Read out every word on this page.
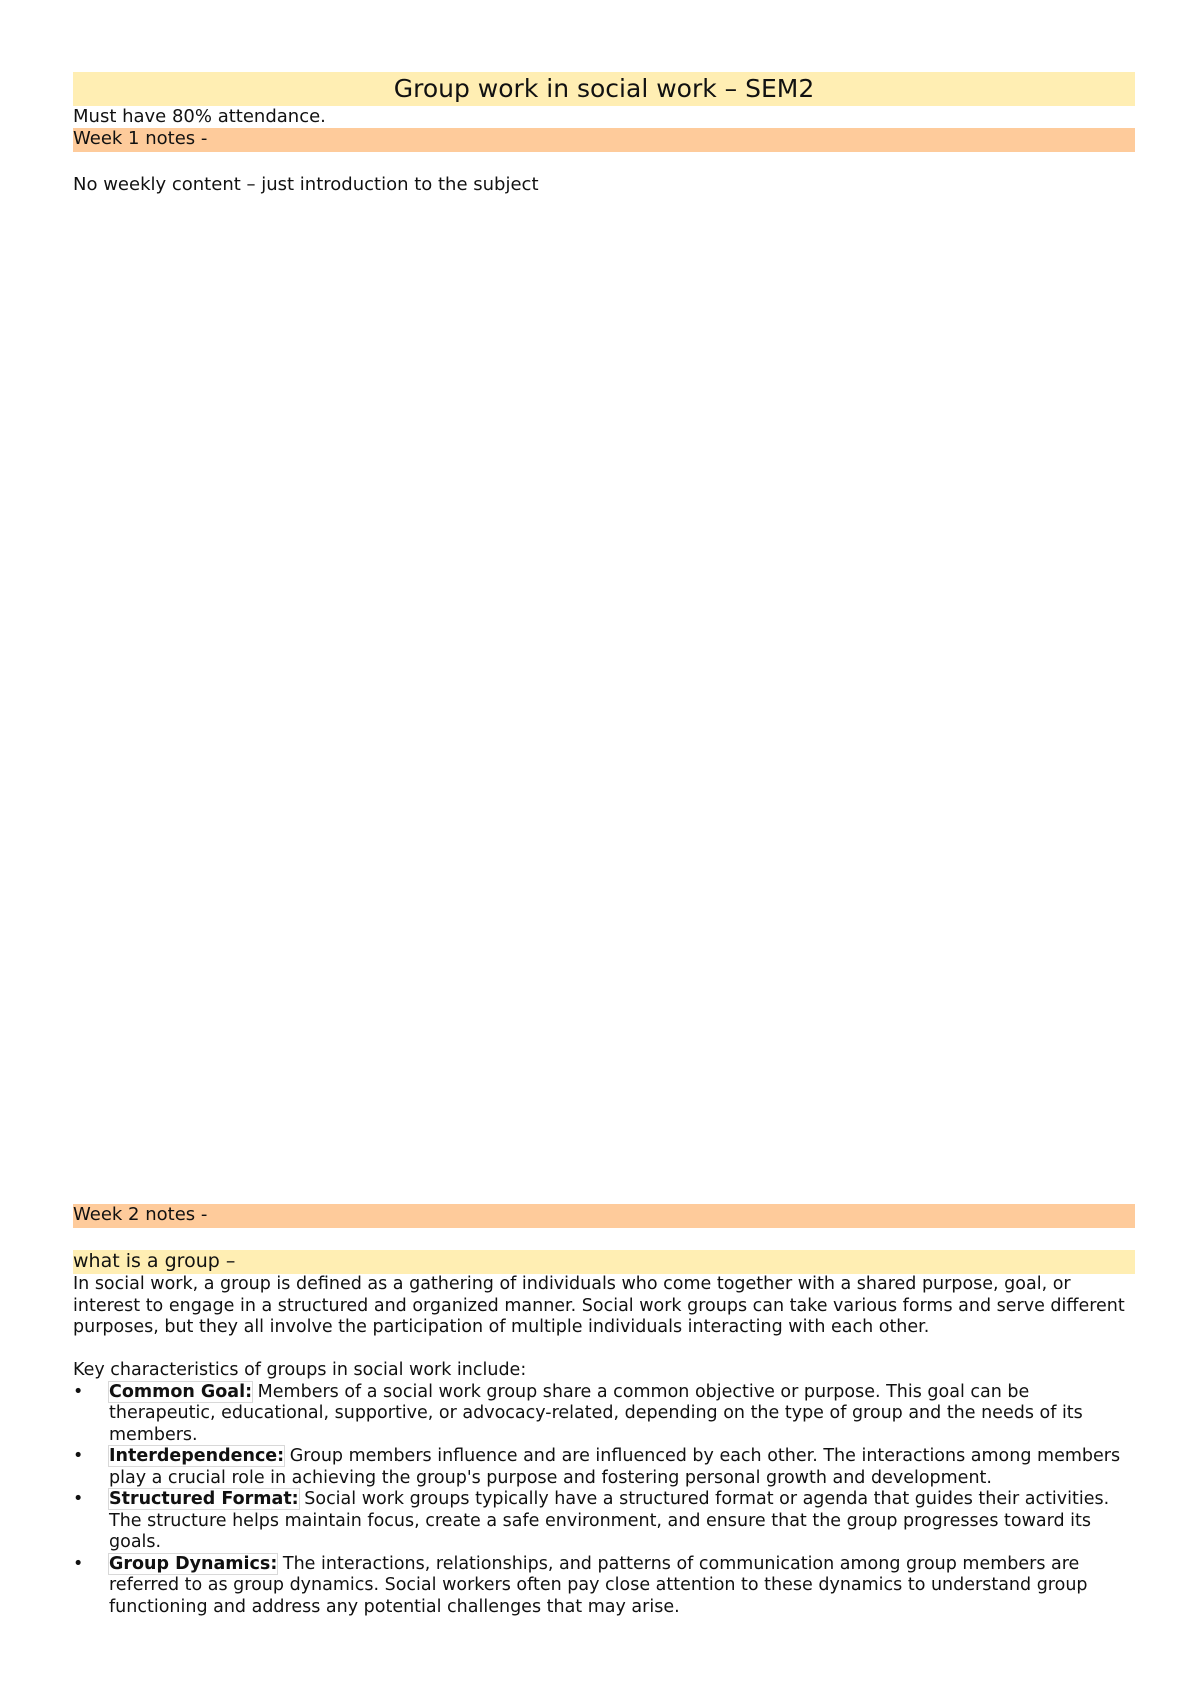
Group work in social work – SEM2
Must have 80% attendance.
Week 1 notes -
No weekly content – just introduction to the subject
Week 2 notes -
what is a group –

In social work, a group is defined as a gathering of individuals who come together with a shared purpose, goal, or interest to engage in a structured and organized manner. Social work groups can take various forms and serve different purposes, but they all involve the participation of multiple individuals interacting with each other.

Key characteristics of groups in social work include:

• Common Goal: Members of a social work group share a common objective or purpose. This goal can be therapeutic, educational, supportive, or advocacy-related, depending on the type of group and the needs of its members.
• Interdependence: Group members influence and are influenced by each other. The interactions among members play a crucial role in achieving the group's purpose and fostering personal growth and development.
• Structured Format: Social work groups typically have a structured format or agenda that guides their activities. The structure helps maintain focus, create a safe environment, and ensure that the group progresses toward its goals.
• Group Dynamics: The interactions, relationships, and patterns of communication among group members are referred to as group dynamics. Social workers often pay close attention to these dynamics to understand group functioning and address any potential challenges that may arise.
